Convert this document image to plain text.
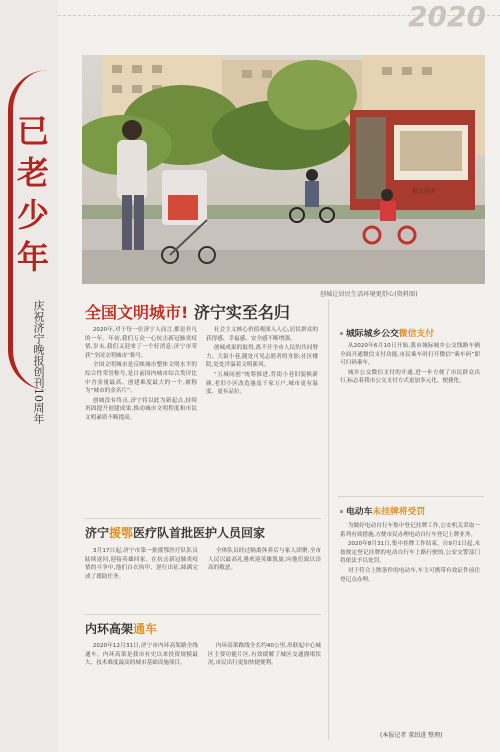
已老少年
庆祝济宁晚报创刊10周年
2020
惠民服务
创城让居民生活环境更舒心(资料图)
全国文明城市! 济宁实至名归

2020年,对于每一位济宁人而言,都是非凡的一年。年初,我们万众一心抗击新冠肺炎疫情,岁末,我们又迎来了一个好消息:济宁市荣获“全国文明城市”称号。

全国文明城市是反映城市整体文明水平的综合性荣誉称号,是目前国内城市综合类评比中含金量最高、创建难度最大的一个,被称为“城市的金名片”。

创城没有终点,济宁将以此为新起点,持续巩固提升创建成果,推动城市文明程度和市民文明素质不断提高。

社会主义核心价值观深入人心,居民群众的获得感、幸福感、安全感不断增强。

创城成果的取得,离不开全市人民的共同努力。大街小巷,随处可见志愿者的身影;社区楼院,处处洋溢着文明新风。

“五城同创”统筹推进,背街小巷旧貌换新颜,老旧小区改造惠及千家万户,城市更有温度、更有品位。

城际城乡公交微信支付

从2020年6月10日开始,我市城际城乡公交线路车辆全面开通微信支付功能,市民乘车时打开微信“乘车码”即可扫码乘车。

城乡公交微信支付的开通,进一步方便了市民群众出行,标志着我市公交支付方式更加多元化、便捷化。

济宁援鄂医疗队首批医护人员回家

3月17日起,济宁市第一批援鄂医疗队队员陆续返回,迎接英雄回家。在抗击新冠肺炎疫情的斗争中,他们白衣执甲、逆行出征,圆满完成了援助任务。

全体队员经过隔离休养后与家人团聚,全市人民以最高礼遇欢迎英雄凯旋,向他们致以崇高的敬意。

内环高架通车

2020年12月31日,济宁市内环高架路全线通车。内环高架是我市有史以来投资规模最大、技术难度最高的城市基础设施项目。

内环高架路线全长约40公里,串联起中心城区主要功能片区,有效缓解了城区交通拥堵状况,市民出行更加快捷便利。

电动车未挂牌将受罚

为做好电动自行车集中登记挂牌工作,公安机关采取一系列有效措施,方便市民办理电动自行车登记上牌业务。

2020年8月31日,集中挂牌工作结束。自9月1日起,未按规定登记挂牌的电动自行车上路行驶的,公安交警部门将依法予以处罚。

对于符合上牌条件的电动车,车主可携带有效证件前往登记点办理。

(本报记者 董绍进 整理)
